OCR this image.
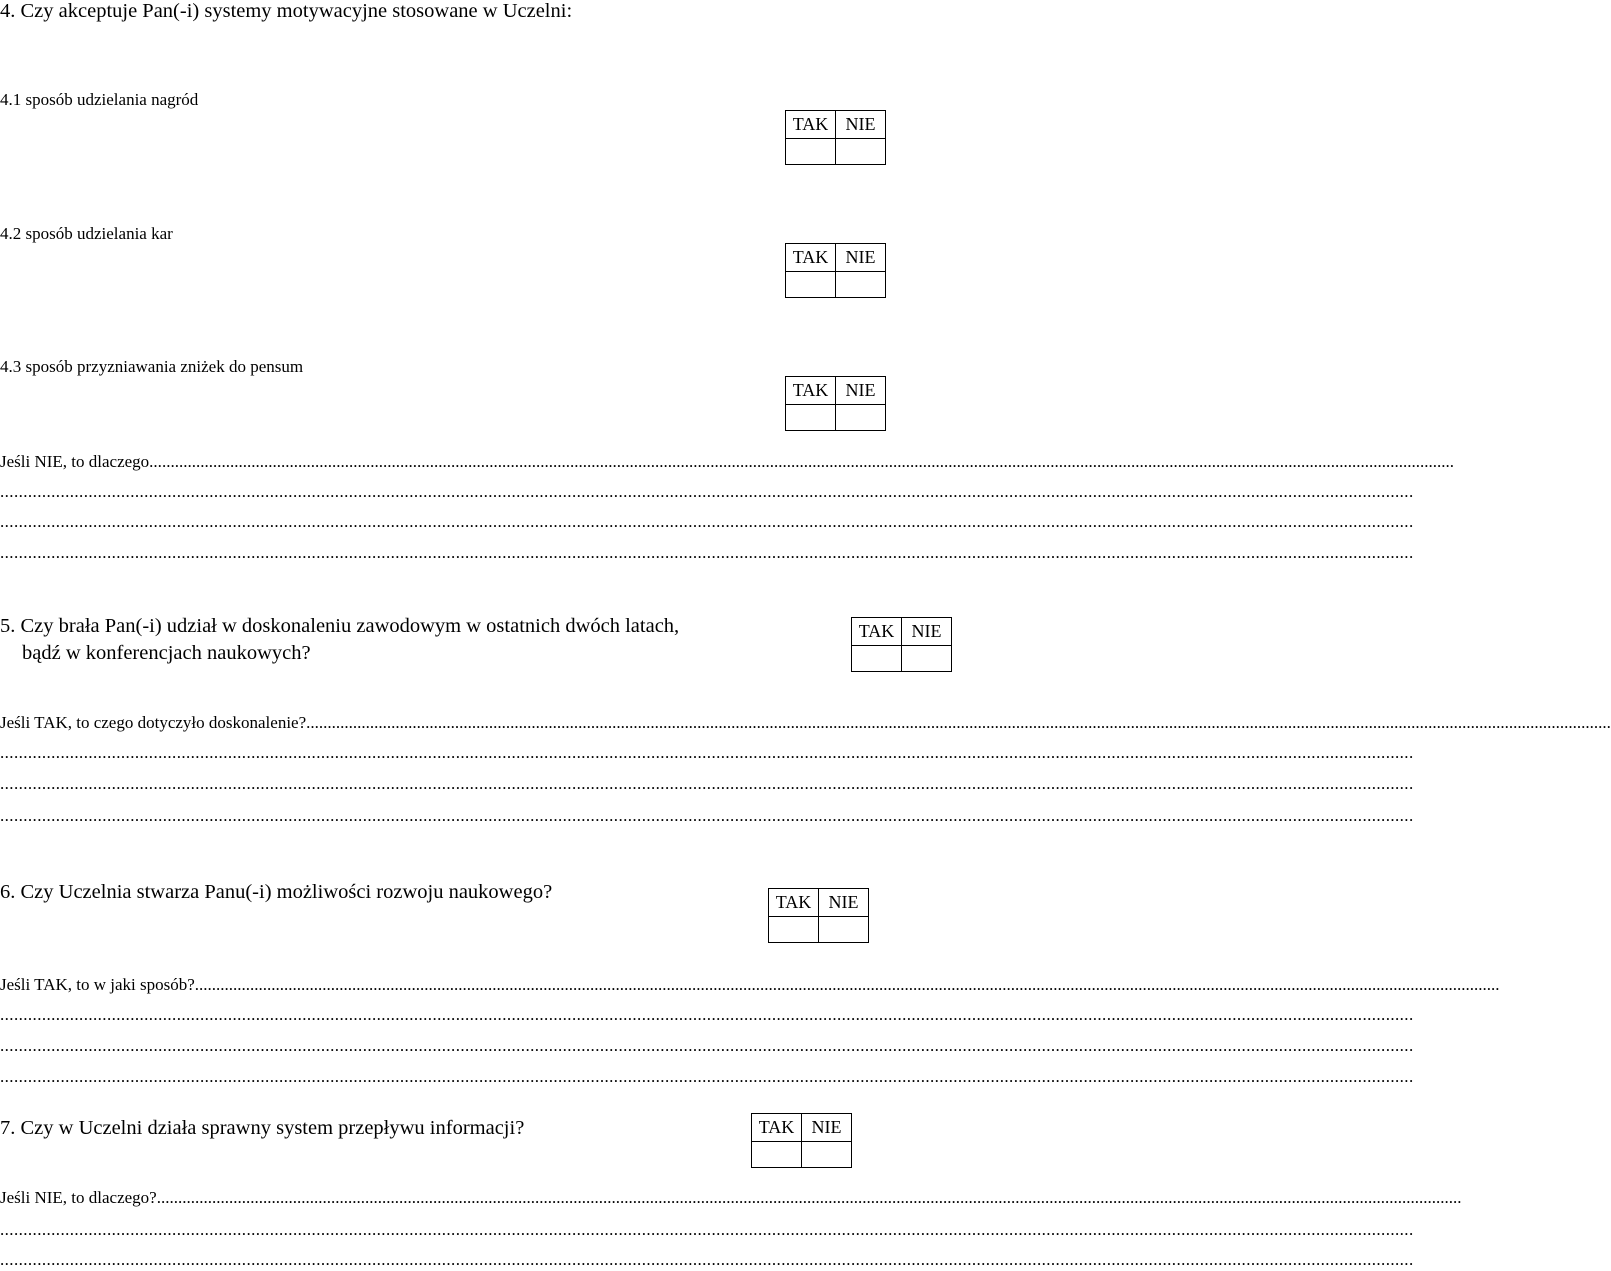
4. Czy akceptuje Pan(-i) systemy motywacyjne stosowane w Uczelni:
4.1 sposób udzielania nagród
TAK	NIE

4.2 sposób udzielania kar
TAK	NIE

4.3 sposób przyzniawania zniżek do pensum
TAK	NIE

Jeśli NIE, to dlaczego...................................................................................................................................................................................................................................................................................................................
................................................................................................................................................................................................................................................................................................................
................................................................................................................................................................................................................................................................................................................
................................................................................................................................................................................................................................................................................................................
5. Czy brała Pan(-i) udział w doskonaleniu zawodowym w ostatnich dwóch latach,
bądź w konferencjach naukowych?
TAK	NIE

Jeśli TAK, to czego dotyczyło doskonalenie?...................................................................................................................................................................................................................................................................................................................
................................................................................................................................................................................................................................................................................................................
................................................................................................................................................................................................................................................................................................................
................................................................................................................................................................................................................................................................................................................
6. Czy Uczelnia stwarza Panu(-i) możliwości rozwoju naukowego?	TAK	NIE

Jeśli TAK, to w jaki sposób?...................................................................................................................................................................................................................................................................................................................
................................................................................................................................................................................................................................................................................................................
................................................................................................................................................................................................................................................................................................................
................................................................................................................................................................................................................................................................................................................
7. Czy w Uczelni działa sprawny system przepływu informacji?	TAK	NIE

Jeśli NIE, to dlaczego?...................................................................................................................................................................................................................................................................................................................
................................................................................................................................................................................................................................................................................................................
................................................................................................................................................................................................................................................................................................................
